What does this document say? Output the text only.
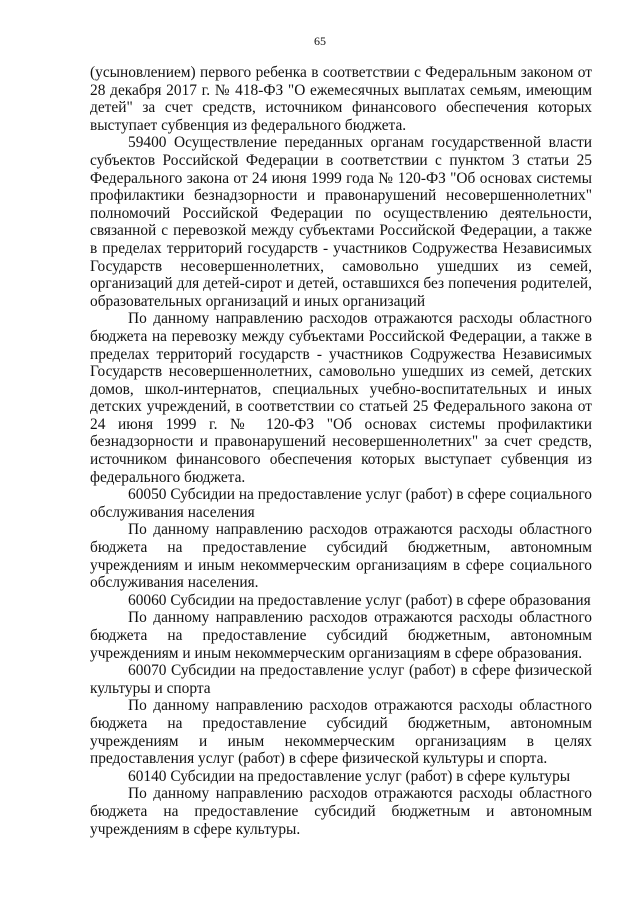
65

(усыновлением) первого ребенка в соответствии с Федеральным законом от 28 декабря 2017 г. № 418-ФЗ "О ежемесячных выплатах семьям, имеющим детей" за счет средств, источником финансового обеспечения которых выступает субвенция из федерального бюджета.

59400 Осуществление переданных органам государственной власти субъектов Российской Федерации в соответствии с пунктом 3 статьи 25 Федерального закона от 24 июня 1999 года № 120-ФЗ "Об основах системы профилактики безнадзорности и правонарушений несовершеннолетних" полномочий Российской Федерации по осуществлению деятельности, связанной с перевозкой между субъектами Российской Федерации, а также в пределах территорий государств - участников Содружества Независимых Государств несовершеннолетних, самовольно ушедших из семей, организаций для детей-сирот и детей, оставшихся без попечения родителей, образовательных организаций и иных организаций

По данному направлению расходов отражаются расходы областного бюджета на перевозку между субъектами Российской Федерации, а также в пределах территорий государств - участников Содружества Независимых Государств несовершеннолетних, самовольно ушедших из семей, детских домов, школ-интернатов, специальных учебно-воспитательных и иных детских учреждений, в соответствии со статьей 25 Федерального закона от 24 июня 1999 г. № 120-ФЗ "Об основах системы профилактики безнадзорности и правонарушений несовершеннолетних" за счет средств, источником финансового обеспечения которых выступает субвенция из федерального бюджета.

60050 Субсидии на предоставление услуг (работ) в сфере социального обслуживания населения

По данному направлению расходов отражаются расходы областного бюджета на предоставление субсидий бюджетным, автономным учреждениям и иным некоммерческим организациям в сфере социального обслуживания населения.

60060 Субсидии на предоставление услуг (работ) в сфере образования

По данному направлению расходов отражаются расходы областного бюджета на предоставление субсидий бюджетным, автономным учреждениям и иным некоммерческим организациям в сфере образования.

60070 Субсидии на предоставление услуг (работ) в сфере физической культуры и спорта

По данному направлению расходов отражаются расходы областного бюджета на предоставление субсидий бюджетным, автономным учреждениям и иным некоммерческим организациям в целях предоставления услуг (работ) в сфере физической культуры и спорта.

60140 Субсидии на предоставление услуг (работ) в сфере культуры

По данному направлению расходов отражаются расходы областного бюджета на предоставление субсидий бюджетным и автономным учреждениям в сфере культуры.
